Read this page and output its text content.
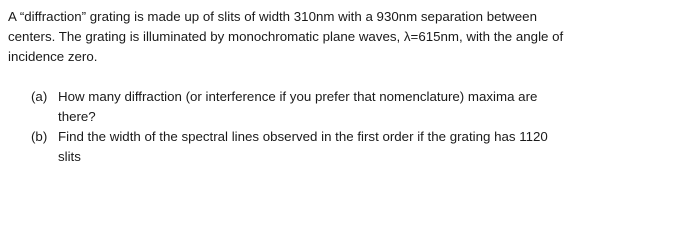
A “diffraction” grating is made up of slits of width 310nm with a 930nm separation between
centers. The grating is illuminated by monochromatic plane waves, λ=615nm, with the angle of
incidence zero.
(a) How many diffraction (or interference if you prefer that nomenclature) maxima are
there?
(b) Find the width of the spectral lines observed in the first order if the grating has 1120
slits
